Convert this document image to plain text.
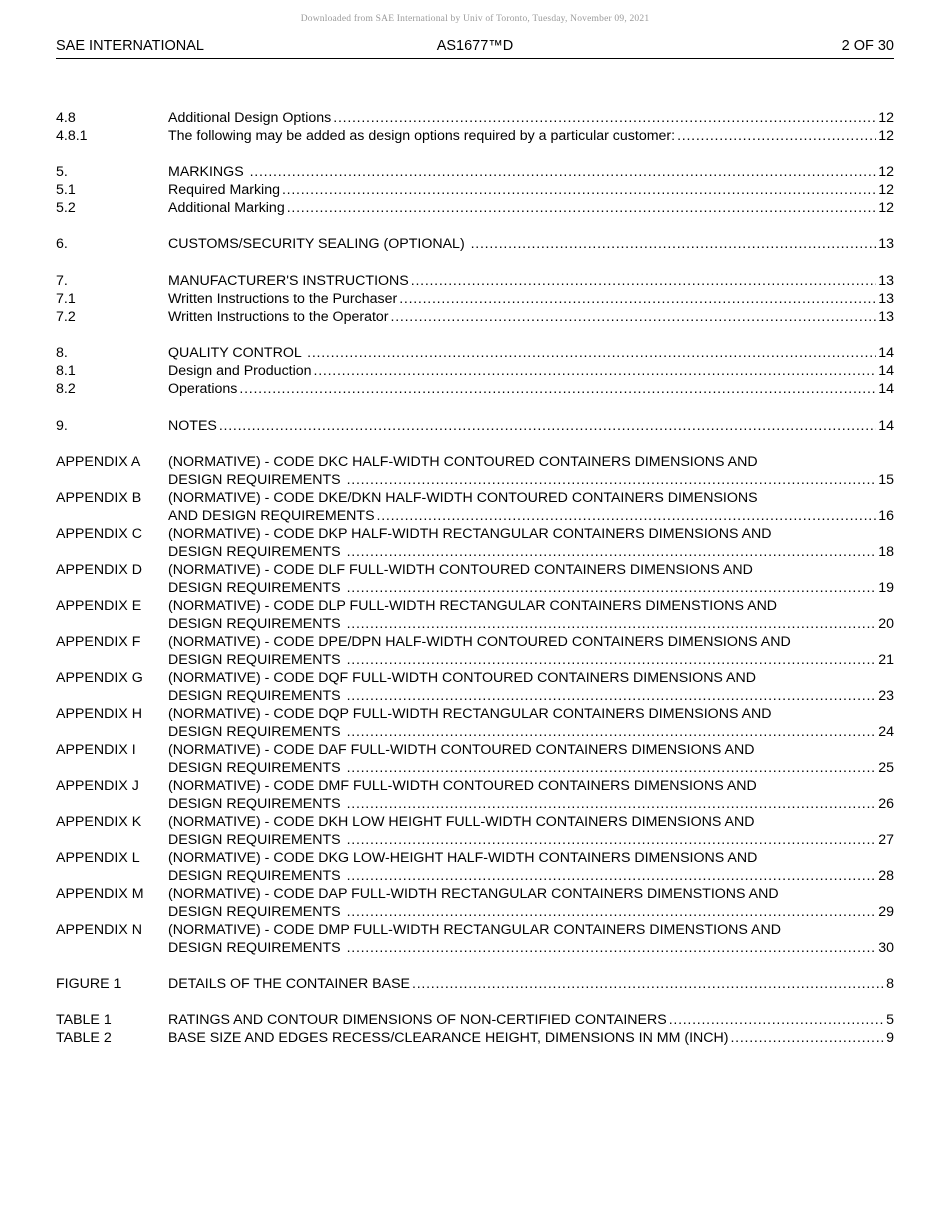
Downloaded from SAE International by Univ of Toronto, Tuesday, November 09, 2021
SAE INTERNATIONAL	AS1677™D	2 OF 30
4.8	Additional Design Options . . .	12
4.8.1	The following may be added as design options required by a particular customer: . . .	12
5.	MARKINGS . . .	12
5.1	Required Marking . . .	12
5.2	Additional Marking . . .	12
6.	CUSTOMS/SECURITY SEALING (OPTIONAL) . . .	13
7.	MANUFACTURER'S INSTRUCTIONS . . .	13
7.1	Written Instructions to the Purchaser . . .	13
7.2	Written Instructions to the Operator . . .	13
8.	QUALITY CONTROL . . .	14
8.1	Design and Production . . .	14
8.2	Operations . . .	14
9.	NOTES . . .	14
APPENDIX A	(NORMATIVE) - CODE DKC HALF-WIDTH CONTOURED CONTAINERS DIMENSIONS AND
DESIGN REQUIREMENTS . . .	15
APPENDIX B	(NORMATIVE) - CODE DKE/DKN HALF-WIDTH CONTOURED CONTAINERS DIMENSIONS
AND DESIGN REQUIREMENTS . . .	16
APPENDIX C	(NORMATIVE) - CODE DKP HALF-WIDTH RECTANGULAR CONTAINERS DIMENSIONS AND
DESIGN REQUIREMENTS . . .	18
APPENDIX D	(NORMATIVE) - CODE DLF FULL-WIDTH CONTOURED CONTAINERS DIMENSIONS AND
DESIGN REQUIREMENTS . . .	19
APPENDIX E	(NORMATIVE) - CODE DLP FULL-WIDTH RECTANGULAR CONTAINERS DIMENSTIONS AND
DESIGN REQUIREMENTS . . .	20
APPENDIX F	(NORMATIVE) - CODE DPE/DPN HALF-WIDTH CONTOURED CONTAINERS DIMENSIONS AND
DESIGN REQUIREMENTS . . .	21
APPENDIX G	(NORMATIVE) - CODE DQF FULL-WIDTH CONTOURED CONTAINERS DIMENSIONS AND
DESIGN REQUIREMENTS . . .	23
APPENDIX H	(NORMATIVE) - CODE DQP FULL-WIDTH RECTANGULAR CONTAINERS DIMENSIONS AND
DESIGN REQUIREMENTS . . .	24
APPENDIX I	(NORMATIVE) - CODE DAF FULL-WIDTH CONTOURED CONTAINERS DIMENSIONS AND
DESIGN REQUIREMENTS . . .	25
APPENDIX J	(NORMATIVE) - CODE DMF FULL-WIDTH CONTOURED CONTAINERS DIMENSIONS AND
DESIGN REQUIREMENTS . . .	26
APPENDIX K	(NORMATIVE) - CODE DKH LOW HEIGHT FULL-WIDTH CONTAINERS DIMENSIONS AND
DESIGN REQUIREMENTS . . .	27
APPENDIX L	(NORMATIVE) - CODE DKG LOW-HEIGHT HALF-WIDTH CONTAINERS DIMENSIONS AND
DESIGN REQUIREMENTS . . .	28
APPENDIX M	(NORMATIVE) - CODE DAP FULL-WIDTH RECTANGULAR CONTAINERS DIMENSTIONS AND
DESIGN REQUIREMENTS . . .	29
APPENDIX N	(NORMATIVE) - CODE DMP FULL-WIDTH RECTANGULAR CONTAINERS DIMENSTIONS AND
DESIGN REQUIREMENTS . . .	30
FIGURE 1	DETAILS OF THE CONTAINER BASE . . .	8
TABLE 1	RATINGS AND CONTOUR DIMENSIONS OF NON-CERTIFIED CONTAINERS . . .	5
TABLE 2	BASE SIZE AND EDGES RECESS/CLEARANCE HEIGHT, DIMENSIONS IN MM (INCH) . . .	9
